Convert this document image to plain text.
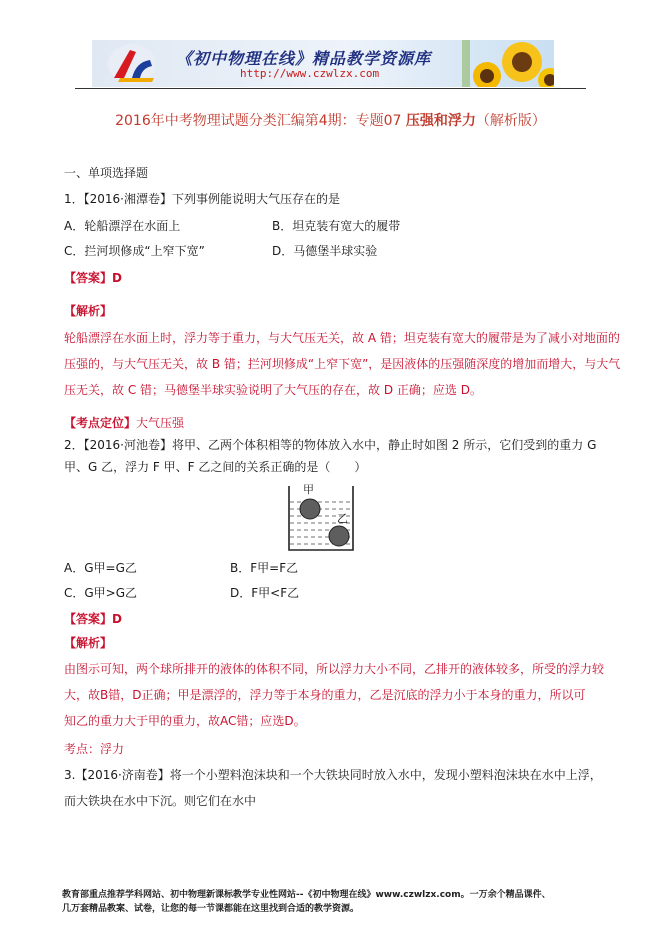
《初中物理在线》精品教学资源库
http://www.czwlzx.com
2016年中考物理试题分类汇编第4期：专题07 压强和浮力（解析版）
一、单项选择题
1．【2016·湘潭卷】下列事例能说明大气压存在的是
A．轮船漂浮在水面上	B．坦克装有宽大的履带
C．拦河坝修成“上窄下宽”	D．马德堡半球实验
【答案】D
【解析】
轮船漂浮在水面上时，浮力等于重力，与大气压无关，故 A 错；坦克装有宽大的履带是为了减小对地面的
压强的，与大气压无关，故 B 错；拦河坝修成“上窄下宽”，是因液体的压强随深度的增加而增大，与大气
压无关，故 C 错；马德堡半球实验说明了大气压的存在，故 D 正确；应选 D。
【考点定位】大气压强
2．【2016·河池卷】将甲、乙两个体积相等的物体放入水中，静止时如图 2 所示，它们受到的重力 G
甲、G 乙，浮力 F 甲、F 乙之间的关系正确的是（　　）
甲
乙
A．G甲=G乙	B．F甲=F乙
C．G甲>G乙	D．F甲<F乙
【答案】D
【解析】
由图示可知，两个球所排开的液体的体积不同，所以浮力大小不同，乙排开的液体较多，所受的浮力较
大，故B错，D正确；甲是漂浮的，浮力等于本身的重力，乙是沉底的浮力小于本身的重力，所以可
知乙的重力大于甲的重力，故AC错；应选D。
考点：浮力
3.【2016·济南卷】将一个小塑料泡沫块和一个大铁块同时放入水中，发现小塑料泡沫块在水中上浮，
而大铁块在水中下沉。则它们在水中
教育部重点推荐学科网站、初中物理新课标教学专业性网站--《初中物理在线》www.czwlzx.com。一万余个精品课件、
几万套精品教案、试卷，让您的每一节课都能在这里找到合适的教学资源。
